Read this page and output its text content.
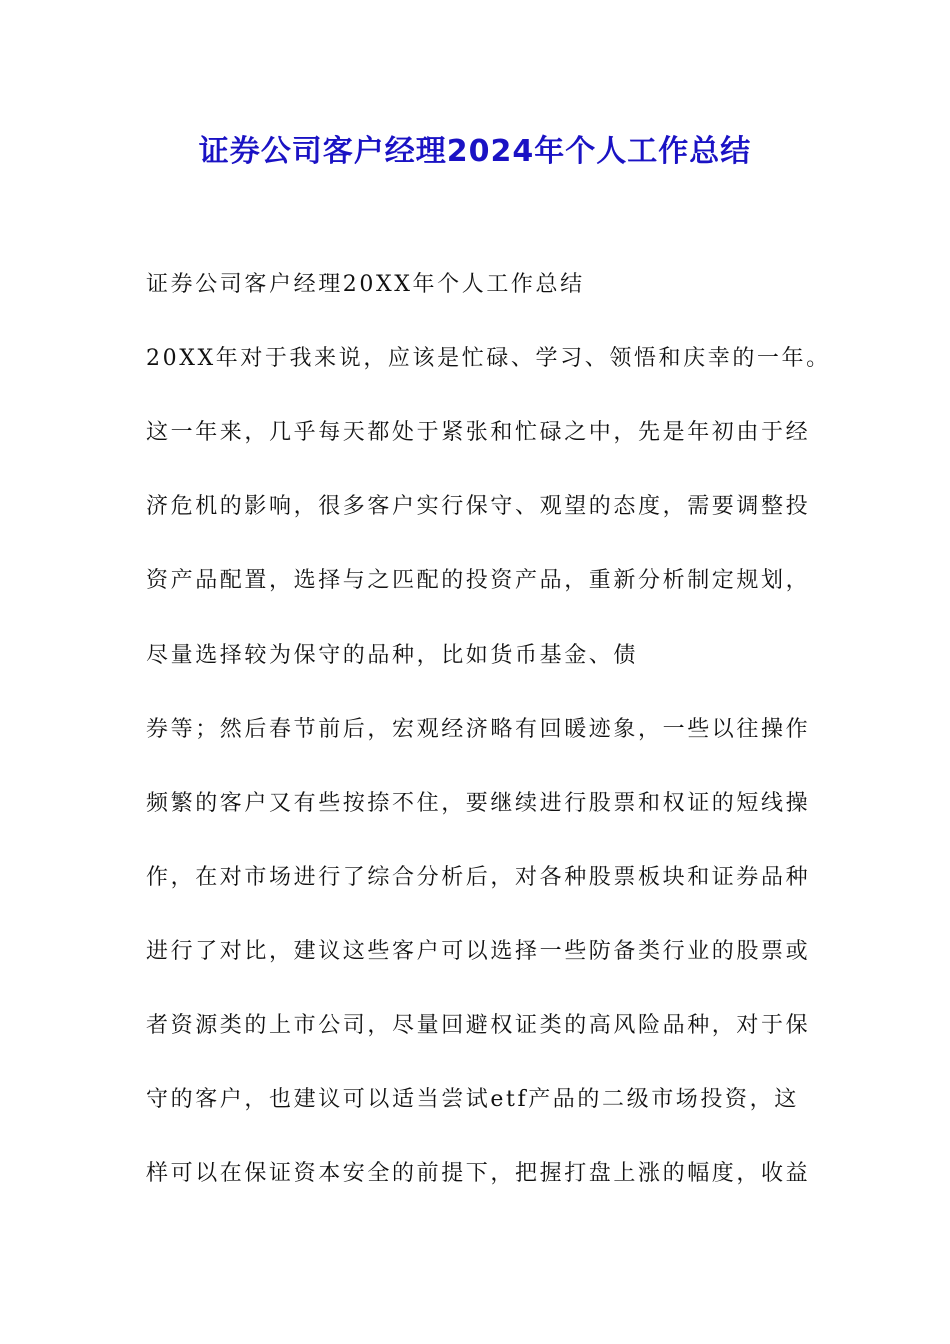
证券公司客户经理2024年个人工作总结
证券公司客户经理20XX年个人工作总结
20XX年对于我来说，应该是忙碌、学习、领悟和庆幸的一年。
这一年来，几乎每天都处于紧张和忙碌之中，先是年初由于经
济危机的影响，很多客户实行保守、观望的态度，需要调整投
资产品配置，选择与之匹配的投资产品，重新分析制定规划，
尽量选择较为保守的品种，比如货币基金、债
券等；然后春节前后，宏观经济略有回暖迹象，一些以往操作
频繁的客户又有些按捺不住，要继续进行股票和权证的短线操
作，在对市场进行了综合分析后，对各种股票板块和证券品种
进行了对比，建议这些客户可以选择一些防备类行业的股票或
者资源类的上市公司，尽量回避权证类的高风险品种，对于保
守的客户，也建议可以适当尝试etf产品的二级市场投资，这
样可以在保证资本安全的前提下，把握打盘上涨的幅度，收益
